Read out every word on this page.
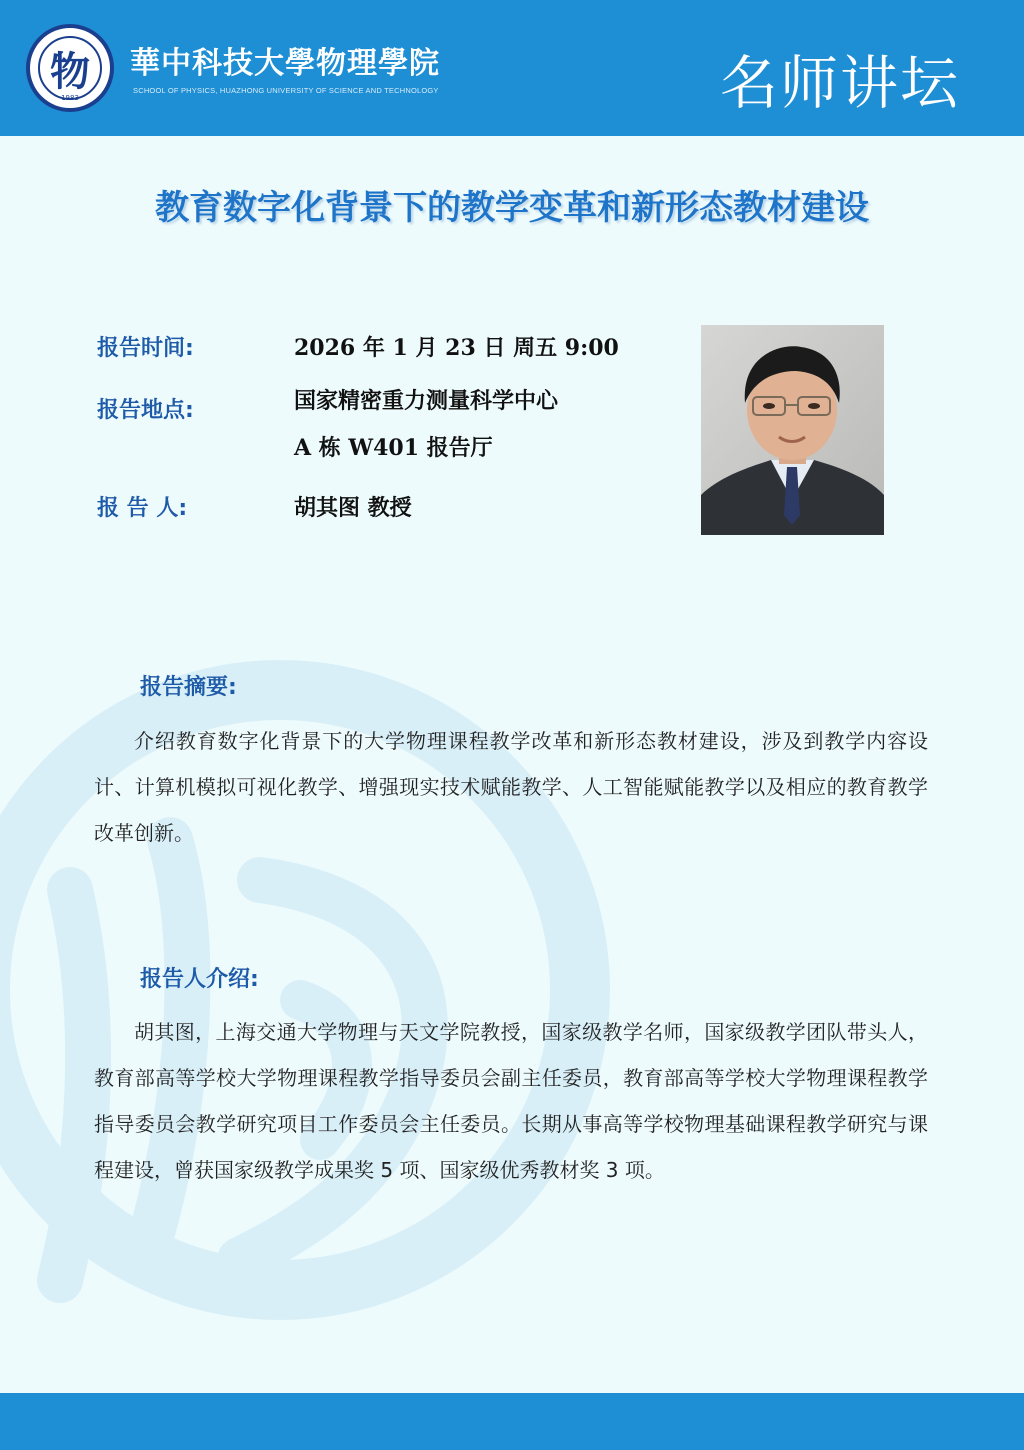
物
1983
華中科技大學物理學院
SCHOOL OF PHYSICS, HUAZHONG UNIVERSITY OF SCIENCE AND TECHNOLOGY	名师讲坛
教育数字化背景下的教学变革和新形态教材建设
报告时间:	2026 年 1 月 23 日 周五 9:00
报告地点:	国家精密重力测量科学中心
A 栋 W401 报告厅
报 告 人:	胡其图 教授
报告摘要:

介绍教育数字化背景下的大学物理课程教学改革和新形态教材建设，涉及到教学内容设计、计算机模拟可视化教学、增强现实技术赋能教学、人工智能赋能教学以及相应的教育教学改革创新。

报告人介绍:

胡其图，上海交通大学物理与天文学院教授，国家级教学名师，国家级教学团队带头人，教育部高等学校大学物理课程教学指导委员会副主任委员，教育部高等学校大学物理课程教学指导委员会教学研究项目工作委员会主任委员。长期从事高等学校物理基础课程教学研究与课程建设，曾获国家级教学成果奖 5 项、国家级优秀教材奖 3 项。
